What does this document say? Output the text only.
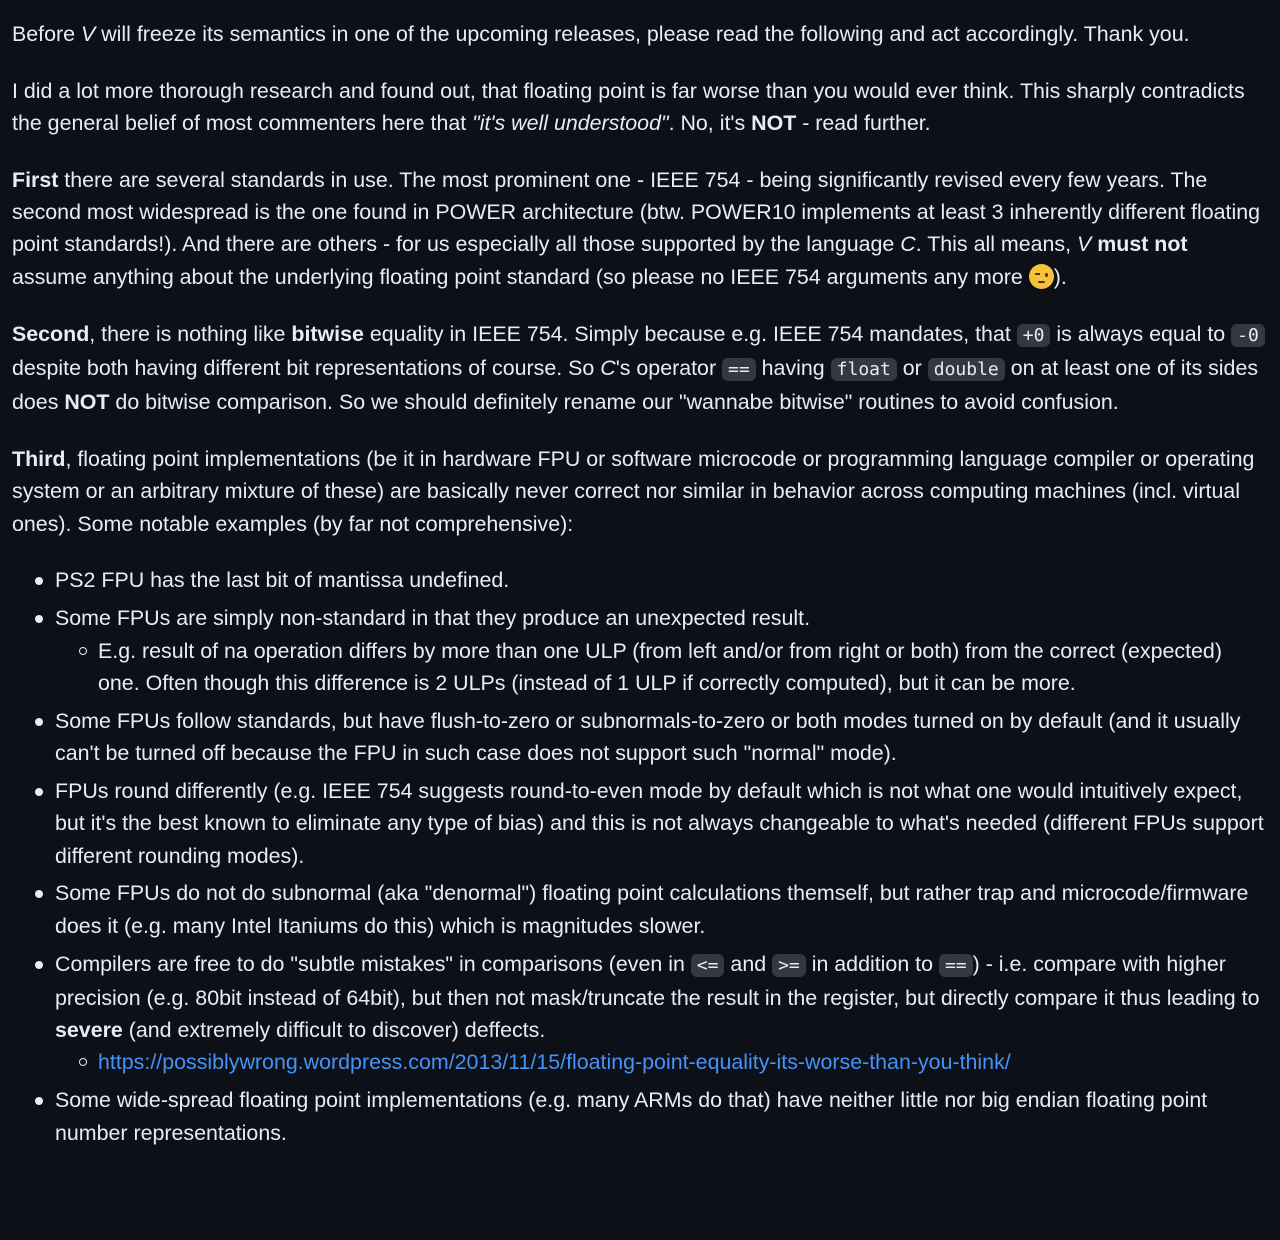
Before V will freeze its semantics in one of the upcoming releases, please read the following and act accordingly. Thank you.

I did a lot more thorough research and found out, that floating point is far worse than you would ever think. This sharply contradicts the general belief of most commenters here that "it's well understood". No, it's NOT - read further.

First there are several standards in use. The most prominent one - IEEE 754 - being significantly revised every few years. The second most widespread is the one found in POWER architecture (btw. POWER10 implements at least 3 inherently different floating point standards!). And there are others - for us especially all those supported by the language C. This all means, V must not assume anything about the underlying floating point standard (so please no IEEE 754 arguments any more
).

Second, there is nothing like bitwise equality in IEEE 754. Simply because e.g. IEEE 754 mandates, that +0 is always equal to -0 despite both having different bit representations of course. So C's operator == having float or double on at least one of its sides does NOT do bitwise comparison. So we should definitely rename our "wannabe bitwise" routines to avoid confusion.

Third, floating point implementations (be it in hardware FPU or software microcode or programming language compiler or operating system or an arbitrary mixture of these) are basically never correct nor similar in behavior across computing machines (incl. virtual ones). Some notable examples (by far not comprehensive):

PS2 FPU has the last bit of mantissa undefined.
Some FPUs are simply non-standard in that they produce an unexpected result.
E.g. result of na operation differs by more than one ULP (from left and/or from right or both) from the correct (expected) one. Often though this difference is 2 ULPs (instead of 1 ULP if correctly computed), but it can be more.
Some FPUs follow standards, but have flush-to-zero or subnormals-to-zero or both modes turned on by default (and it usually can't be turned off because the FPU in such case does not support such "normal" mode).
FPUs round differently (e.g. IEEE 754 suggests round-to-even mode by default which is not what one would intuitively expect, but it's the best known to eliminate any type of bias) and this is not always changeable to what's needed (different FPUs support different rounding modes).
Some FPUs do not do subnormal (aka "denormal") floating point calculations themself, but rather trap and microcode/firmware does it (e.g. many Intel Itaniums do this) which is magnitudes slower.
Compilers are free to do "subtle mistakes" in comparisons (even in <= and >= in addition to == ) - i.e. compare with higher precision (e.g. 80bit instead of 64bit), but then not mask/truncate the result in the register, but directly compare it thus leading to severe (and extremely difficult to discover) deffects.
https://possiblywrong.wordpress.com/2013/11/15/floating-point-equality-its-worse-than-you-think/
Some wide-spread floating point implementations (e.g. many ARMs do that) have neither little nor big endian floating point number representations.
